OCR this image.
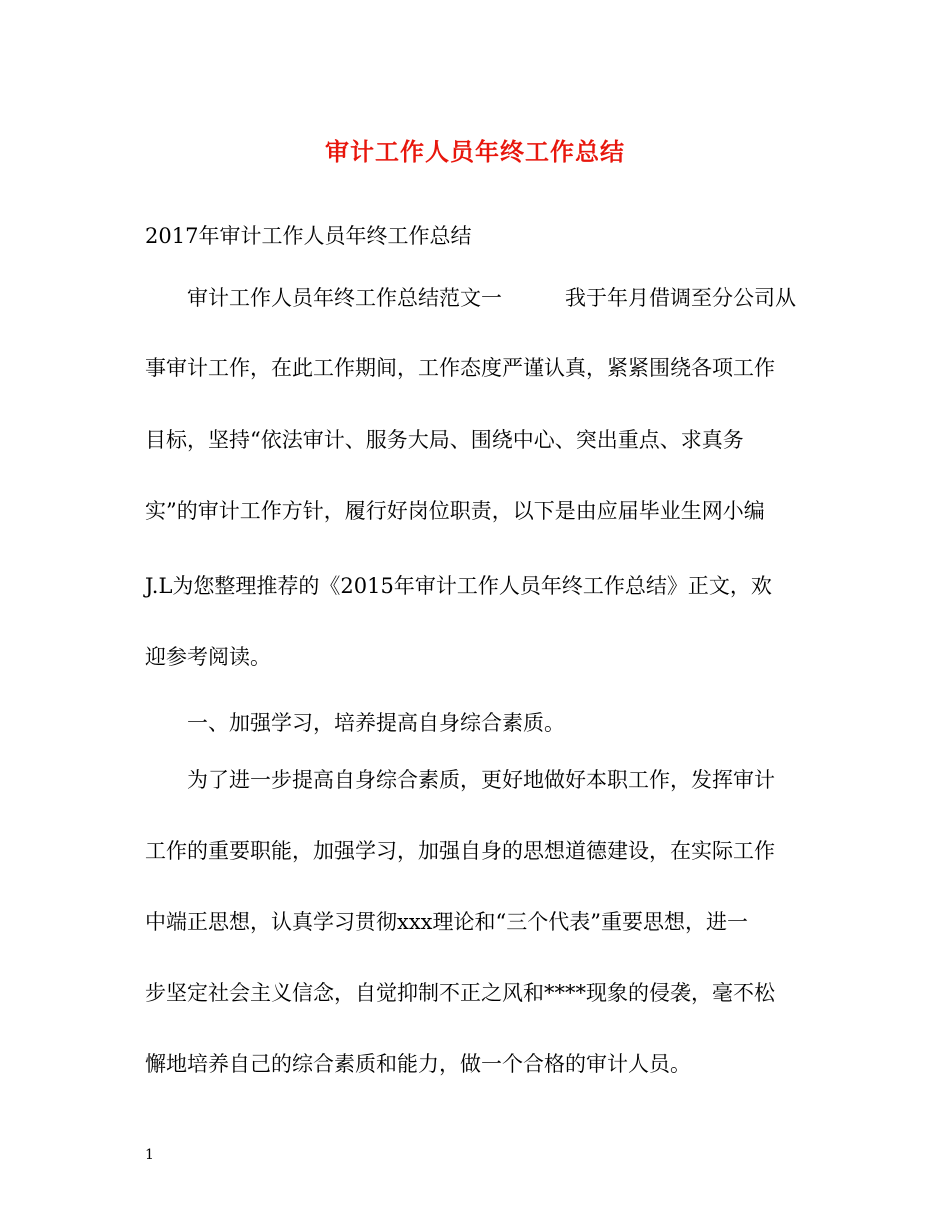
审计工作人员年终工作总结
2017年审计工作人员年终工作总结
　　审计工作人员年终工作总结范文一　　　我于年月借调至分公司从
事审计工作，在此工作期间，工作态度严谨认真，紧紧围绕各项工作
目标，坚持“依法审计、服务大局、围绕中心、突出重点、求真务
实”的审计工作方针，履行好岗位职责，以下是由应届毕业生网小编
J.L为您整理推荐的《2015年审计工作人员年终工作总结》正文，欢
迎参考阅读。
　　一、加强学习，培养提高自身综合素质。
　　为了进一步提高自身综合素质，更好地做好本职工作，发挥审计
工作的重要职能，加强学习，加强自身的思想道德建设，在实际工作
中端正思想，认真学习贯彻xxx理论和“三个代表”重要思想，进一
步坚定社会主义信念，自觉抑制不正之风和****现象的侵袭，毫不松
懈地培养自己的综合素质和能力，做一个合格的审计人员。
1
